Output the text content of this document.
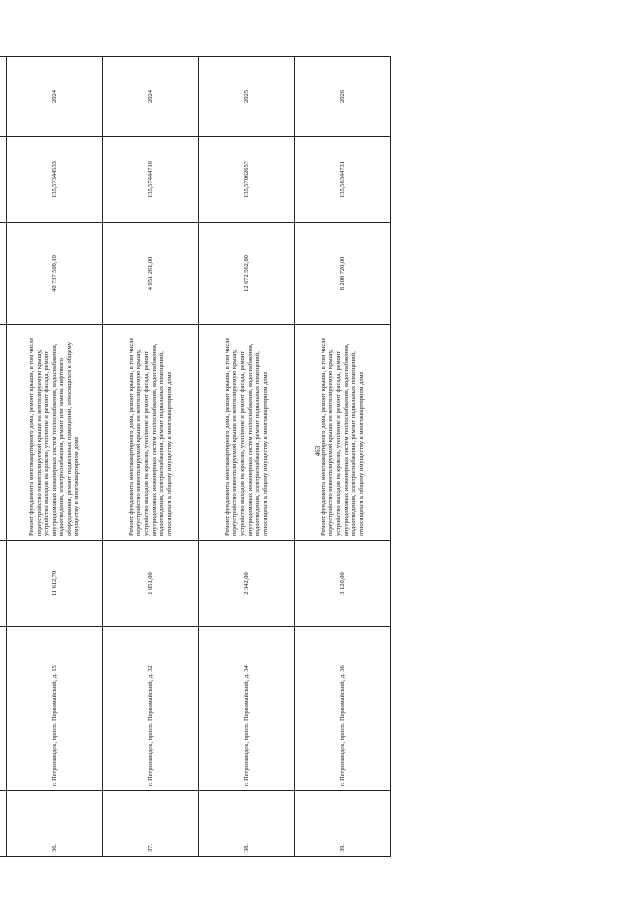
463

36.	г. Петрозаводск, просп. Первомайский, д. 15	11 612,70	Ремонт фундамента многоквартирного дома, ремонт крыши, в том числе переустройство невентилируемой крыши на вентилируемую крышу, устройство выходов на кровлю, утепление и ремонт фасада, ремонт внутридомовых инженерных систем теплоснабжения, водоснабжения, водоотведения, электроснабжения, ремонт или замена лифтового оборудования, ремонт подвальных помещений, относящихся к общему имуществу в многоквартирном доме	40 737 509,10	135,57344533	2024
37.	г. Петрозаводск, просп. Первомайский, д. 32	1 051,00	Ремонт фундамента многоквартирного дома, ремонт крыши, в том числе переустройство невентилируемой крыши на вентилируемую крышу, устройство выходов на кровлю, утепление и ремонт фасада, ремонт внутридомовых инженерных систем теплоснабжения, водоснабжения, водоотведения, электроснабжения, ремонт подвальных помещений, относящихся к общему имуществу в многоквартирном доме	4 951 261,00	135,57444710	2024
38.	г. Петрозаводск, просп. Первомайский, д. 34	2 342,00	Ремонт фундамента многоквартирного дома, ремонт крыши, в том числе переустройство невентилируемой крыши на вентилируемую крышу, устройство выходов на кровлю, утепление и ремонт фасада, ремонт внутридомовых инженерных систем теплоснабжения, водоснабжения, водоотведения, электроснабжения, ремонт подвальных помещений, относящихся к общему имуществу в многоквартирном доме	12 672 562,00	135,57062657	2025
39.	г. Петрозаводск, просп. Первомайский, д. 36	3 120,00	Ремонт фундамента многоквартирного дома, ремонт крыши, в том числе переустройство невентилируемой крыши на вентилируемую крышу, устройство выходов на кровлю, утепление и ремонт фасада, ремонт внутридомовых инженерных систем теплоснабжения, водоснабжения, водоотведения, электроснабжения, ремонт подвальных помещений, относящихся к общему имуществу в многоквартирном доме	8 208 720,00	135,56344731	2026
